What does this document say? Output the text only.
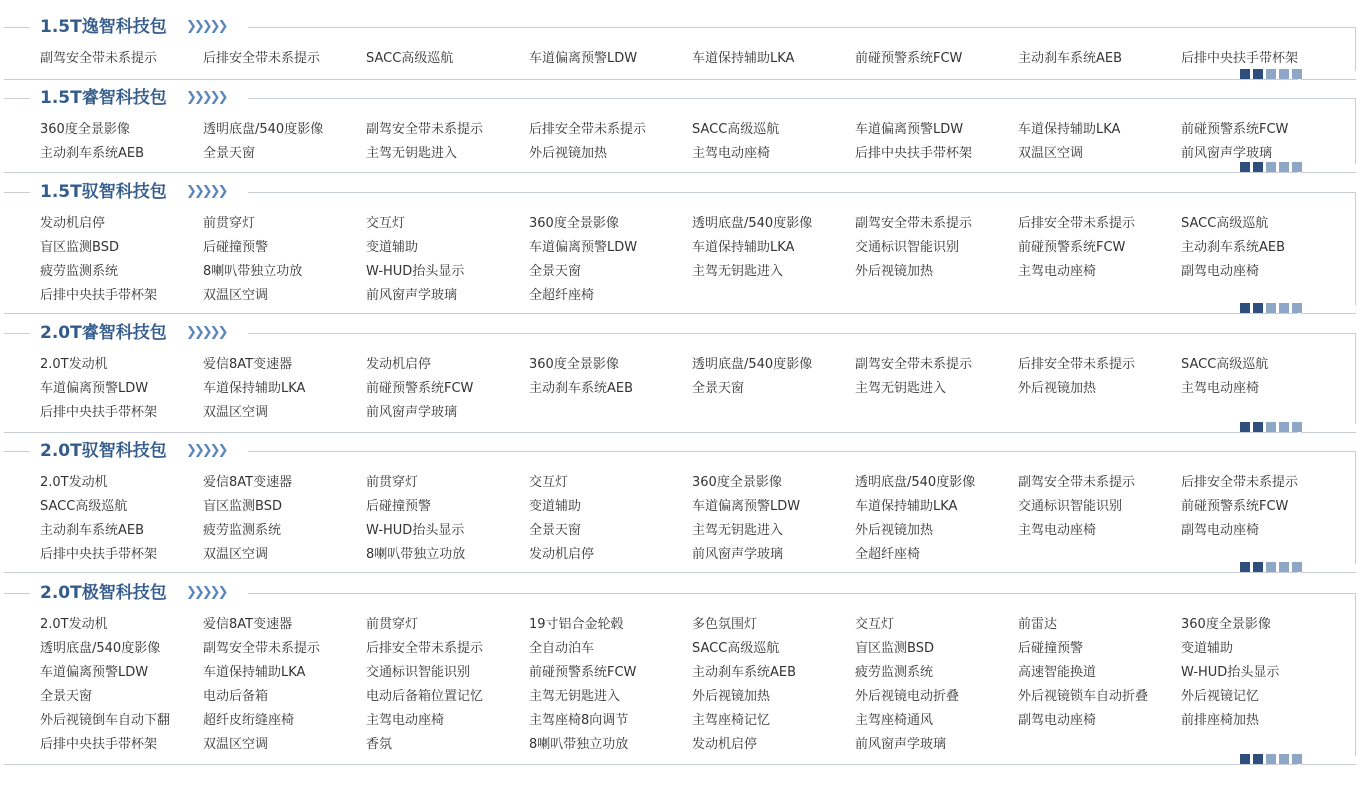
1.5T逸智科技包 ❯❯❯❯❯
副驾安全带未系提示	后排安全带未系提示	SACC高级巡航	车道偏离预警LDW	车道保持辅助LKA	前碰预警系统FCW	主动刹车系统AEB	后排中央扶手带杯架
1.5T睿智科技包 ❯❯❯❯❯
360度全景影像	透明底盘/540度影像	副驾安全带未系提示	后排安全带未系提示	SACC高级巡航	车道偏离预警LDW	车道保持辅助LKA	前碰预警系统FCW
主动刹车系统AEB	全景天窗	主驾无钥匙进入	外后视镜加热	主驾电动座椅	后排中央扶手带杯架	双温区空调	前风窗声学玻璃
1.5T驭智科技包 ❯❯❯❯❯
发动机启停	前贯穿灯	交互灯	360度全景影像	透明底盘/540度影像	副驾安全带未系提示	后排安全带未系提示	SACC高级巡航
盲区监测BSD	后碰撞预警	变道辅助	车道偏离预警LDW	车道保持辅助LKA	交通标识智能识别	前碰预警系统FCW	主动刹车系统AEB
疲劳监测系统	8喇叭带独立功放	W-HUD抬头显示	全景天窗	主驾无钥匙进入	外后视镜加热	主驾电动座椅	副驾电动座椅
后排中央扶手带杯架	双温区空调	前风窗声学玻璃	全超纤座椅
2.0T睿智科技包 ❯❯❯❯❯
2.0T发动机	爱信8AT变速器	发动机启停	360度全景影像	透明底盘/540度影像	副驾安全带未系提示	后排安全带未系提示	SACC高级巡航
车道偏离预警LDW	车道保持辅助LKA	前碰预警系统FCW	主动刹车系统AEB	全景天窗	主驾无钥匙进入	外后视镜加热	主驾电动座椅
后排中央扶手带杯架	双温区空调	前风窗声学玻璃
2.0T驭智科技包 ❯❯❯❯❯
2.0T发动机	爱信8AT变速器	前贯穿灯	交互灯	360度全景影像	透明底盘/540度影像	副驾安全带未系提示	后排安全带未系提示
SACC高级巡航	盲区监测BSD	后碰撞预警	变道辅助	车道偏离预警LDW	车道保持辅助LKA	交通标识智能识别	前碰预警系统FCW
主动刹车系统AEB	疲劳监测系统	W-HUD抬头显示	全景天窗	主驾无钥匙进入	外后视镜加热	主驾电动座椅	副驾电动座椅
后排中央扶手带杯架	双温区空调	8喇叭带独立功放	发动机启停	前风窗声学玻璃	全超纤座椅
2.0T极智科技包 ❯❯❯❯❯
2.0T发动机	爱信8AT变速器	前贯穿灯	19寸铝合金轮毂	多色氛围灯	交互灯	前雷达	360度全景影像
透明底盘/540度影像	副驾安全带未系提示	后排安全带未系提示	全自动泊车	SACC高级巡航	盲区监测BSD	后碰撞预警	变道辅助
车道偏离预警LDW	车道保持辅助LKA	交通标识智能识别	前碰预警系统FCW	主动刹车系统AEB	疲劳监测系统	高速智能换道	W-HUD抬头显示
全景天窗	电动后备箱	电动后备箱位置记忆	主驾无钥匙进入	外后视镜加热	外后视镜电动折叠	外后视镜锁车自动折叠	外后视镜记忆
外后视镜倒车自动下翻	超纤皮绗缝座椅	主驾电动座椅	主驾座椅8向调节	主驾座椅记忆	主驾座椅通风	副驾电动座椅	前排座椅加热
后排中央扶手带杯架	双温区空调	香氛	8喇叭带独立功放	发动机启停	前风窗声学玻璃
